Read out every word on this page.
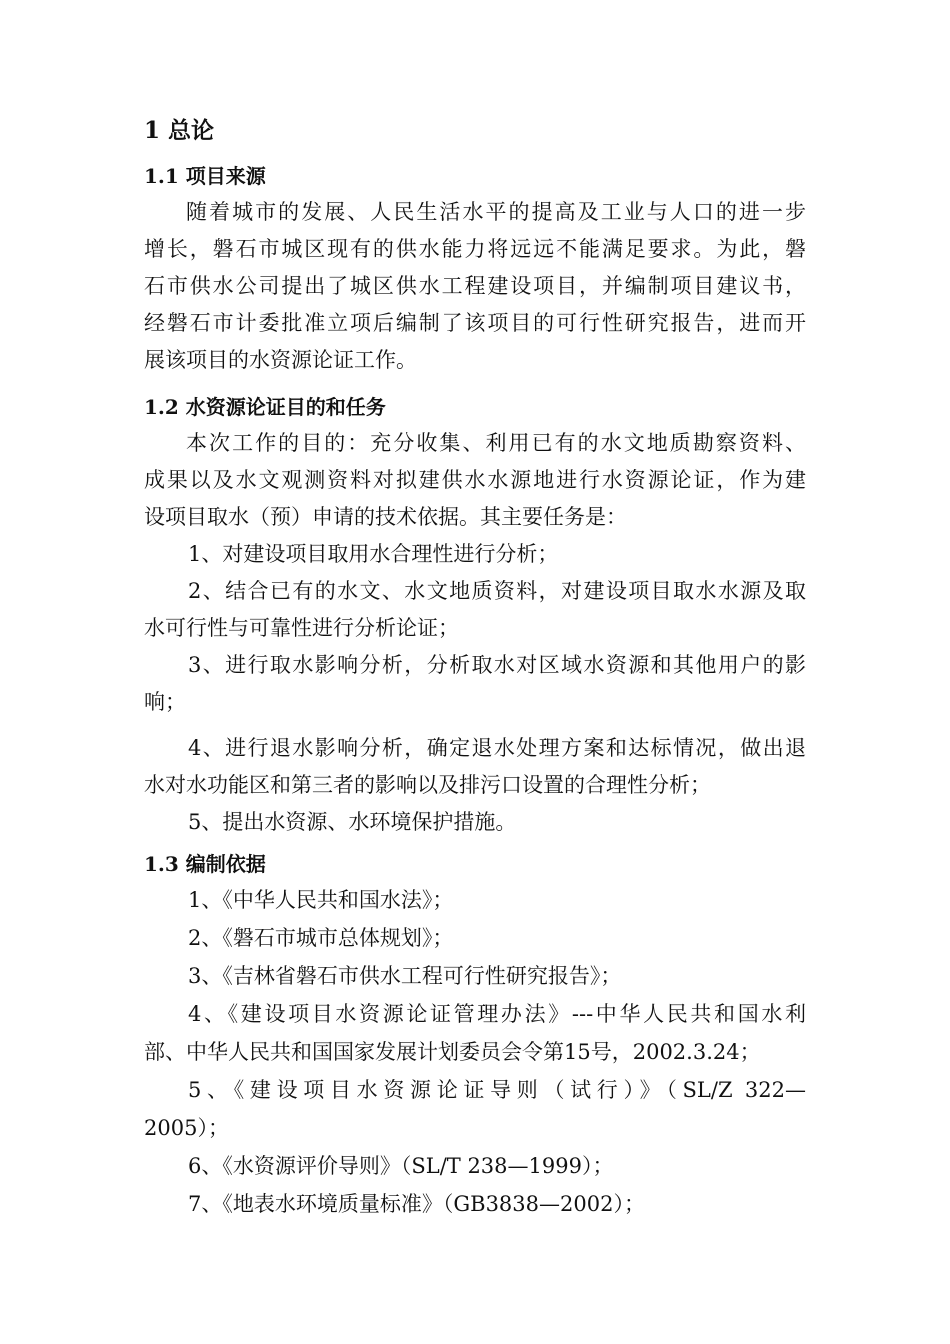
1 总论
1.1 项目来源
随着城市的发展、人民生活水平的提高及工业与人口的进一步
增长，磐石市城区现有的供水能力将远远不能满足要求。为此，磐
石市供水公司提出了城区供水工程建设项目，并编制项目建议书，
经磐石市计委批准立项后编制了该项目的可行性研究报告，进而开
展该项目的水资源论证工作。
1.2 水资源论证目的和任务
本次工作的目的：充分收集、利用已有的水文地质勘察资料、
成果以及水文观测资料对拟建供水水源地进行水资源论证，作为建
设项目取水（预）申请的技术依据。其主要任务是：
1、对建设项目取用水合理性进行分析；
2、结合已有的水文、水文地质资料，对建设项目取水水源及取
水可行性与可靠性进行分析论证；
3、进行取水影响分析，分析取水对区域水资源和其他用户的影
响；
4、进行退水影响分析，确定退水处理方案和达标情况，做出退
水对水功能区和第三者的影响以及排污口设置的合理性分析；
5、提出水资源、水环境保护措施。
1.3 编制依据
1、《中华人民共和国水法》；
2、《磐石市城市总体规划》；
3、《吉林省磐石市供水工程可行性研究报告》；
4、《建设项目水资源论证管理办法》---中华人民共和国水利
部、中华人民共和国国家发展计划委员会令第15号，2002.3.24；
5、《建设项目水资源论证导则（试行）》（SL/Z 322—
2005）；
6、《水资源评价导则》（SL/T 238—1999）；
7、《地表水环境质量标准》（GB3838—2002）；
